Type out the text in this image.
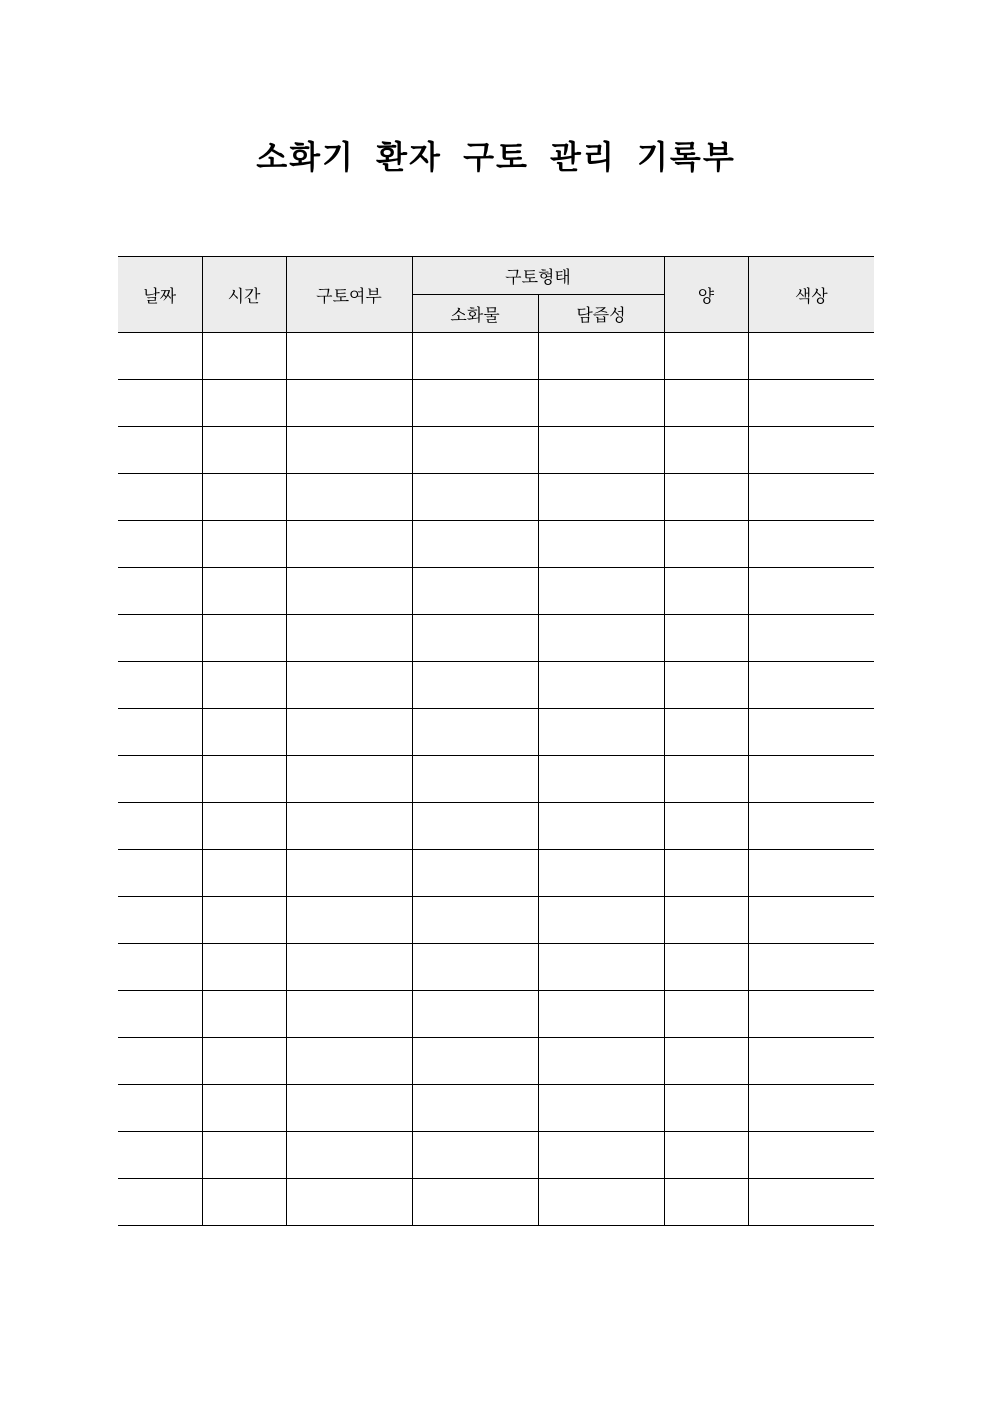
소화기 환자 구토 관리 기록부
날짜	시간	구토여부	구토형태		양	색상
			소화물	담즙성		
